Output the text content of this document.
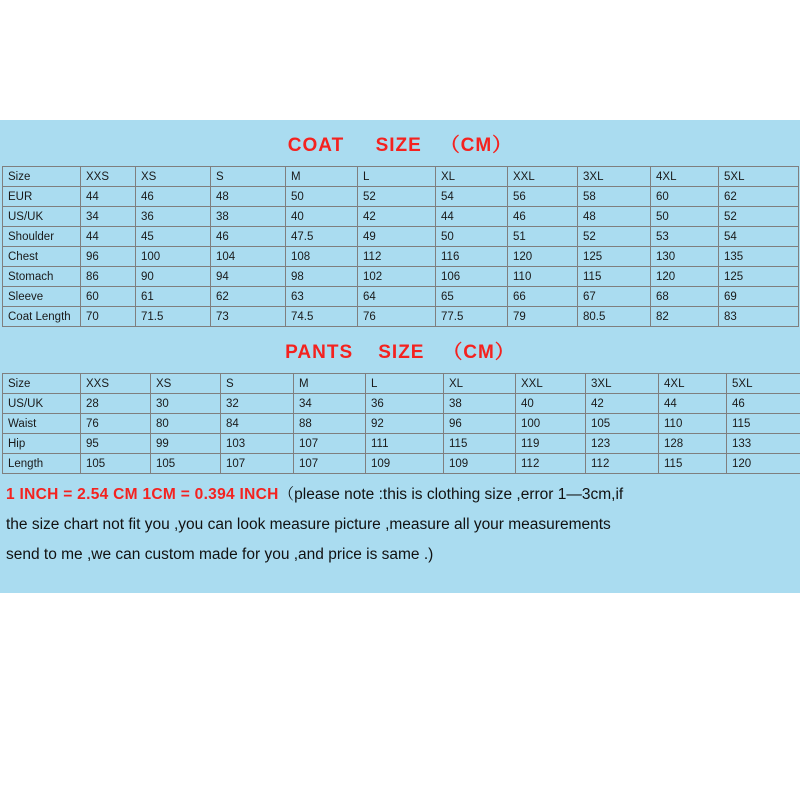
COAT     SIZE   （CM）
Size	XXS	XS	S	M	L	XL	XXL	3XL	4XL	5XL
EUR	44	46	48	50	52	54	56	58	60	62
US/UK	34	36	38	40	42	44	46	48	50	52
Shoulder	44	45	46	47.5	49	50	51	52	53	54
Chest	96	100	104	108	112	116	120	125	130	135
Stomach	86	90	94	98	102	106	110	115	120	125
Sleeve	60	61	62	63	64	65	66	67	68	69
Coat Length	70	71.5	73	74.5	76	77.5	79	80.5	82	83
PANTS    SIZE   （CM）
Size	XXS	XS	S	M	L	XL	XXL	3XL	4XL	5XL
US/UK	28	30	32	34	36	38	40	42	44	46
Waist	76	80	84	88	92	96	100	105	110	115
Hip	95	99	103	107	111	115	119	123	128	133
Length	105	105	107	107	109	109	112	112	115	120
1 INCH = 2.54 CM 1CM = 0.394 INCH（please note :this is clothing size ,error 1—3cm,if
the size chart not fit you ,you can look measure picture ,measure all your measurements
send to me ,we can custom made for you ,and price is same .)
